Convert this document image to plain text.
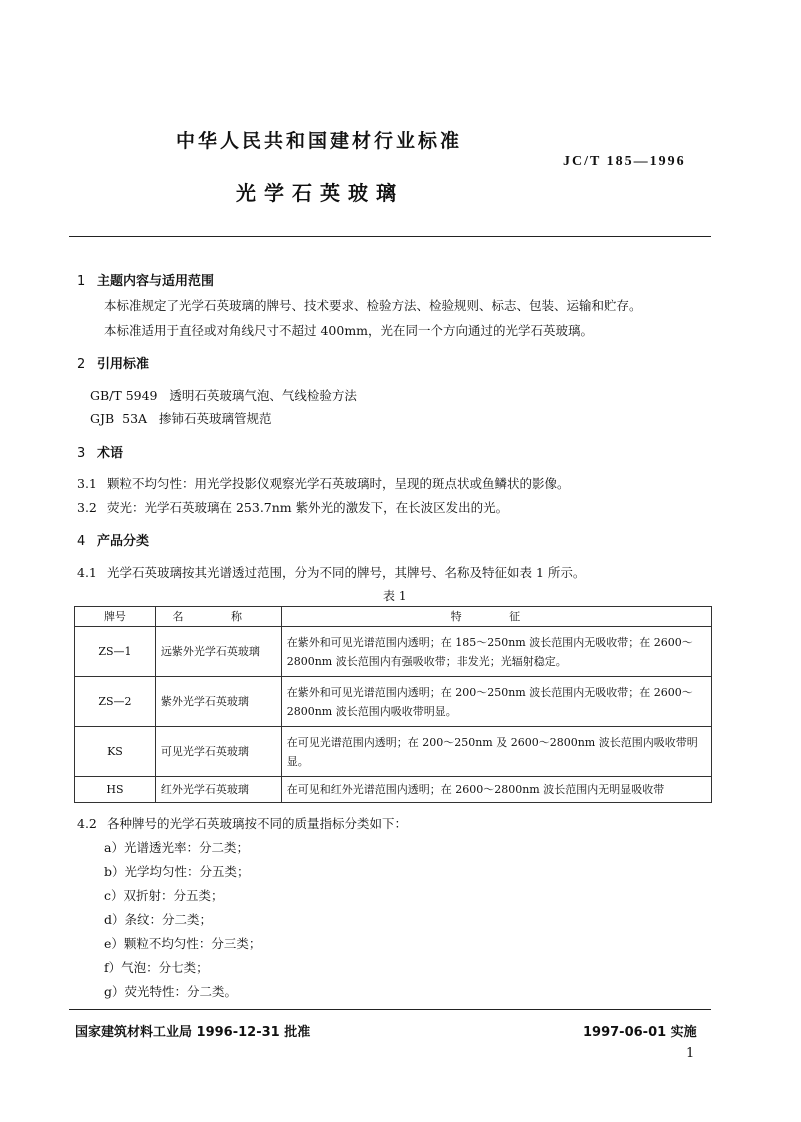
中华人民共和国建材行业标准
JC/T 185—1996
光学石英玻璃
1 主题内容与适用范围
本标准规定了光学石英玻璃的牌号、技术要求、检验方法、检验规则、标志、包装、运输和贮存。
本标准适用于直径或对角线尺寸不超过 400mm，光在同一个方向通过的光学石英玻璃。
2 引用标准
GB/T 5949   透明石英玻璃气泡、气线检验方法
GJB  53A   掺铈石英玻璃管规范
3 术语
3.1 颗粒不均匀性：用光学投影仪观察光学石英玻璃时，呈现的斑点状或鱼鳞状的影像。
3.2 荧光：光学石英玻璃在 253.7nm 紫外光的激发下，在长波区发出的光。
4 产品分类
4.1 光学石英玻璃按其光谱透过范围，分为不同的牌号，其牌号、名称及特征如表 1 所示。
表 1
牌号	名 称	特 征
ZS—1	远紫外光学石英玻璃	在紫外和可见光谱范围内透明；在 185～250nm 波长范围内无吸收带；在 2600～2800nm 波长范围内有强吸收带；非发光；光辐射稳定。
ZS—2	紫外光学石英玻璃	在紫外和可见光谱范围内透明；在 200～250nm 波长范围内无吸收带；在 2600～2800nm 波长范围内吸收带明显。
KS	可见光学石英玻璃	在可见光谱范围内透明；在 200～250nm 及 2600～2800nm 波长范围内吸收带明显。
HS	红外光学石英玻璃	在可见和红外光谱范围内透明；在 2600～2800nm 波长范围内无明显吸收带
4.2 各种牌号的光学石英玻璃按不同的质量指标分类如下：
a）光谱透光率：分二类；
b）光学均匀性：分五类；
c）双折射：分五类；
d）条纹：分二类；
e）颗粒不均匀性：分三类；
f）气泡：分七类；
g）荧光特性：分二类。
国家建筑材料工业局 1996-12-31 批准	1997-06-01 实施
1
